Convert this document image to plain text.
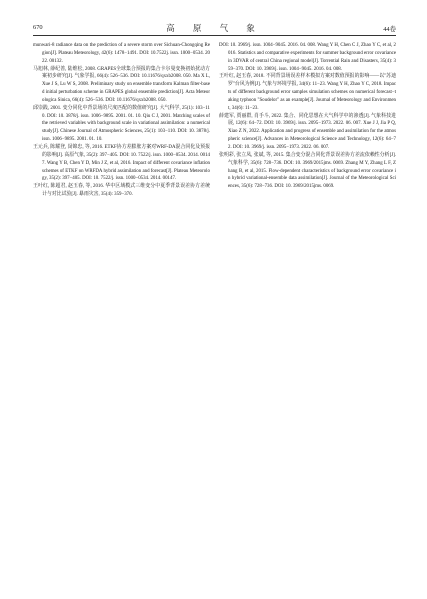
670	高 原 气 象	44卷

munwari-8 radiance data on the prediction of a severe storm over Sichuan-Chongqing Region[J]. Plateau Meteorology, 42(6): 1478−1491. DOI: 10.7522j. issn. 1000−0534. 2022. 00132.

马旭林, 薛纪善, 陆维松, 2008. GRAPES全球集合预报的集合卡尔曼变换初始扰动方案初步研究[J]. 气象学报, 66(4): 526−536. DOI: 10.11676/qxxb2008. 050. Ma X L, Xue J S, Lu W S, 2008. Preliminary study on ensemble transform Kalman filter-based initial perturbation scheme in GRAPES global ensemble prediction[J]. Acta Meteorologica Sinica, 66(4): 526−536. DOI: 10.11676/qxxb2008. 050.

邱崇践, 2001. 变分同化中背景场的尺度匹配的数值研究[J]. 大气科学, 25(1): 103−110. DOI: 10. 3878/j. issn. 1006−9895. 2001. 01. 10. Qiu C J, 2001. Matching scales of the retrieved variables with background scale in variational assimilation: a numerical study[J]. Chinese Journal of Atmospheric Sciences, 25(1): 103−110. DOI: 10. 3878/j. issn. 1006−9895. 2001. 01. 10.

王元兵, 陈耀登, 闵锦忠, 等, 2016. ETKF协方差膨胀方案对WRF-DA混合同化及预报的影响[J]. 高原气象, 35(2): 397−405. DOI: 10. 7522/j. issn. 1000−0534. 2014. 00147. Wang Y B, Chen Y D, Min J Z, et al, 2016. Impact of different covariance inflation schemes of ETKF on WRFDA hybrid assimilation and forecast[J]. Plateau Meteorology, 35(2): 397−405. DOI: 10. 7522/j. issn. 1000−0534. 2014. 00147.

王叶红, 陈超君, 赵玉春, 等, 2016. 华中区域模式三维变分中夏季背景误差协方差统计与对比试验[J]. 暴雨灾害, 35(4): 359−370.

DOI: 10. 3969/j. issn. 1004−9045. 2016. 04. 008. Wang Y H, Chen C J, Zhao Y C, et al, 2016. Statistics and comparative experiments for summer background error covariance in 3DVAR of central China regional model[J]. Torrential Rain and Disasters, 35(4): 359−370. DOI: 10. 3969/j. issn. 1004−9045. 2016. 04. 008.

王叶红, 赵玉春, 2018. 不同背景场误差样本模拟方案对数值预报的影响——以"苏迪罗"台风为例[J]. 气象与环境学报, 34(6): 11−23. Wang Y H, Zhao Y C, 2018. Impacts of different background error samples simulation schemes on numerical forecast−taking typhoon "Soudelor" as an example[J]. Journal of Meteorology and Environment, 34(6): 11−23.

薛建军, 贾丽群, 肖手斗, 2022. 集合、同化思想在大气科学中的渗透[J]. 气象科技进展, 12(6): 64−72. DOI: 10. 3969/j. issn. 2095−1973. 2022. 06. 007. Xue J J, Jia P Q, Xiao Z N, 2022. Application and progress of ensemble and assimilation for the atmospheric science[J]. Advances in Meteorological Science and Technology, 12(6): 64−72. DOI: 10. 3969/j. issn. 2095−1973. 2022. 06. 007.

张明彩, 张立凤, 张斌, 等, 2015. 集合变分混合同化背景误差协方差流依赖性分析[J]. 气象科学, 35(6): 728−736. DOI: 10. 3969/2015jms. 0069. Zhang M Y, Zhang L F, Zhang B, et al, 2015. Flow-dependent characteristics of background error covariance in hybrid variational-ensemble data assimilation[J]. Journal of the Meteorological Sciences, 35(6): 728−736. DOI: 10. 3969/2015jms. 0069.
